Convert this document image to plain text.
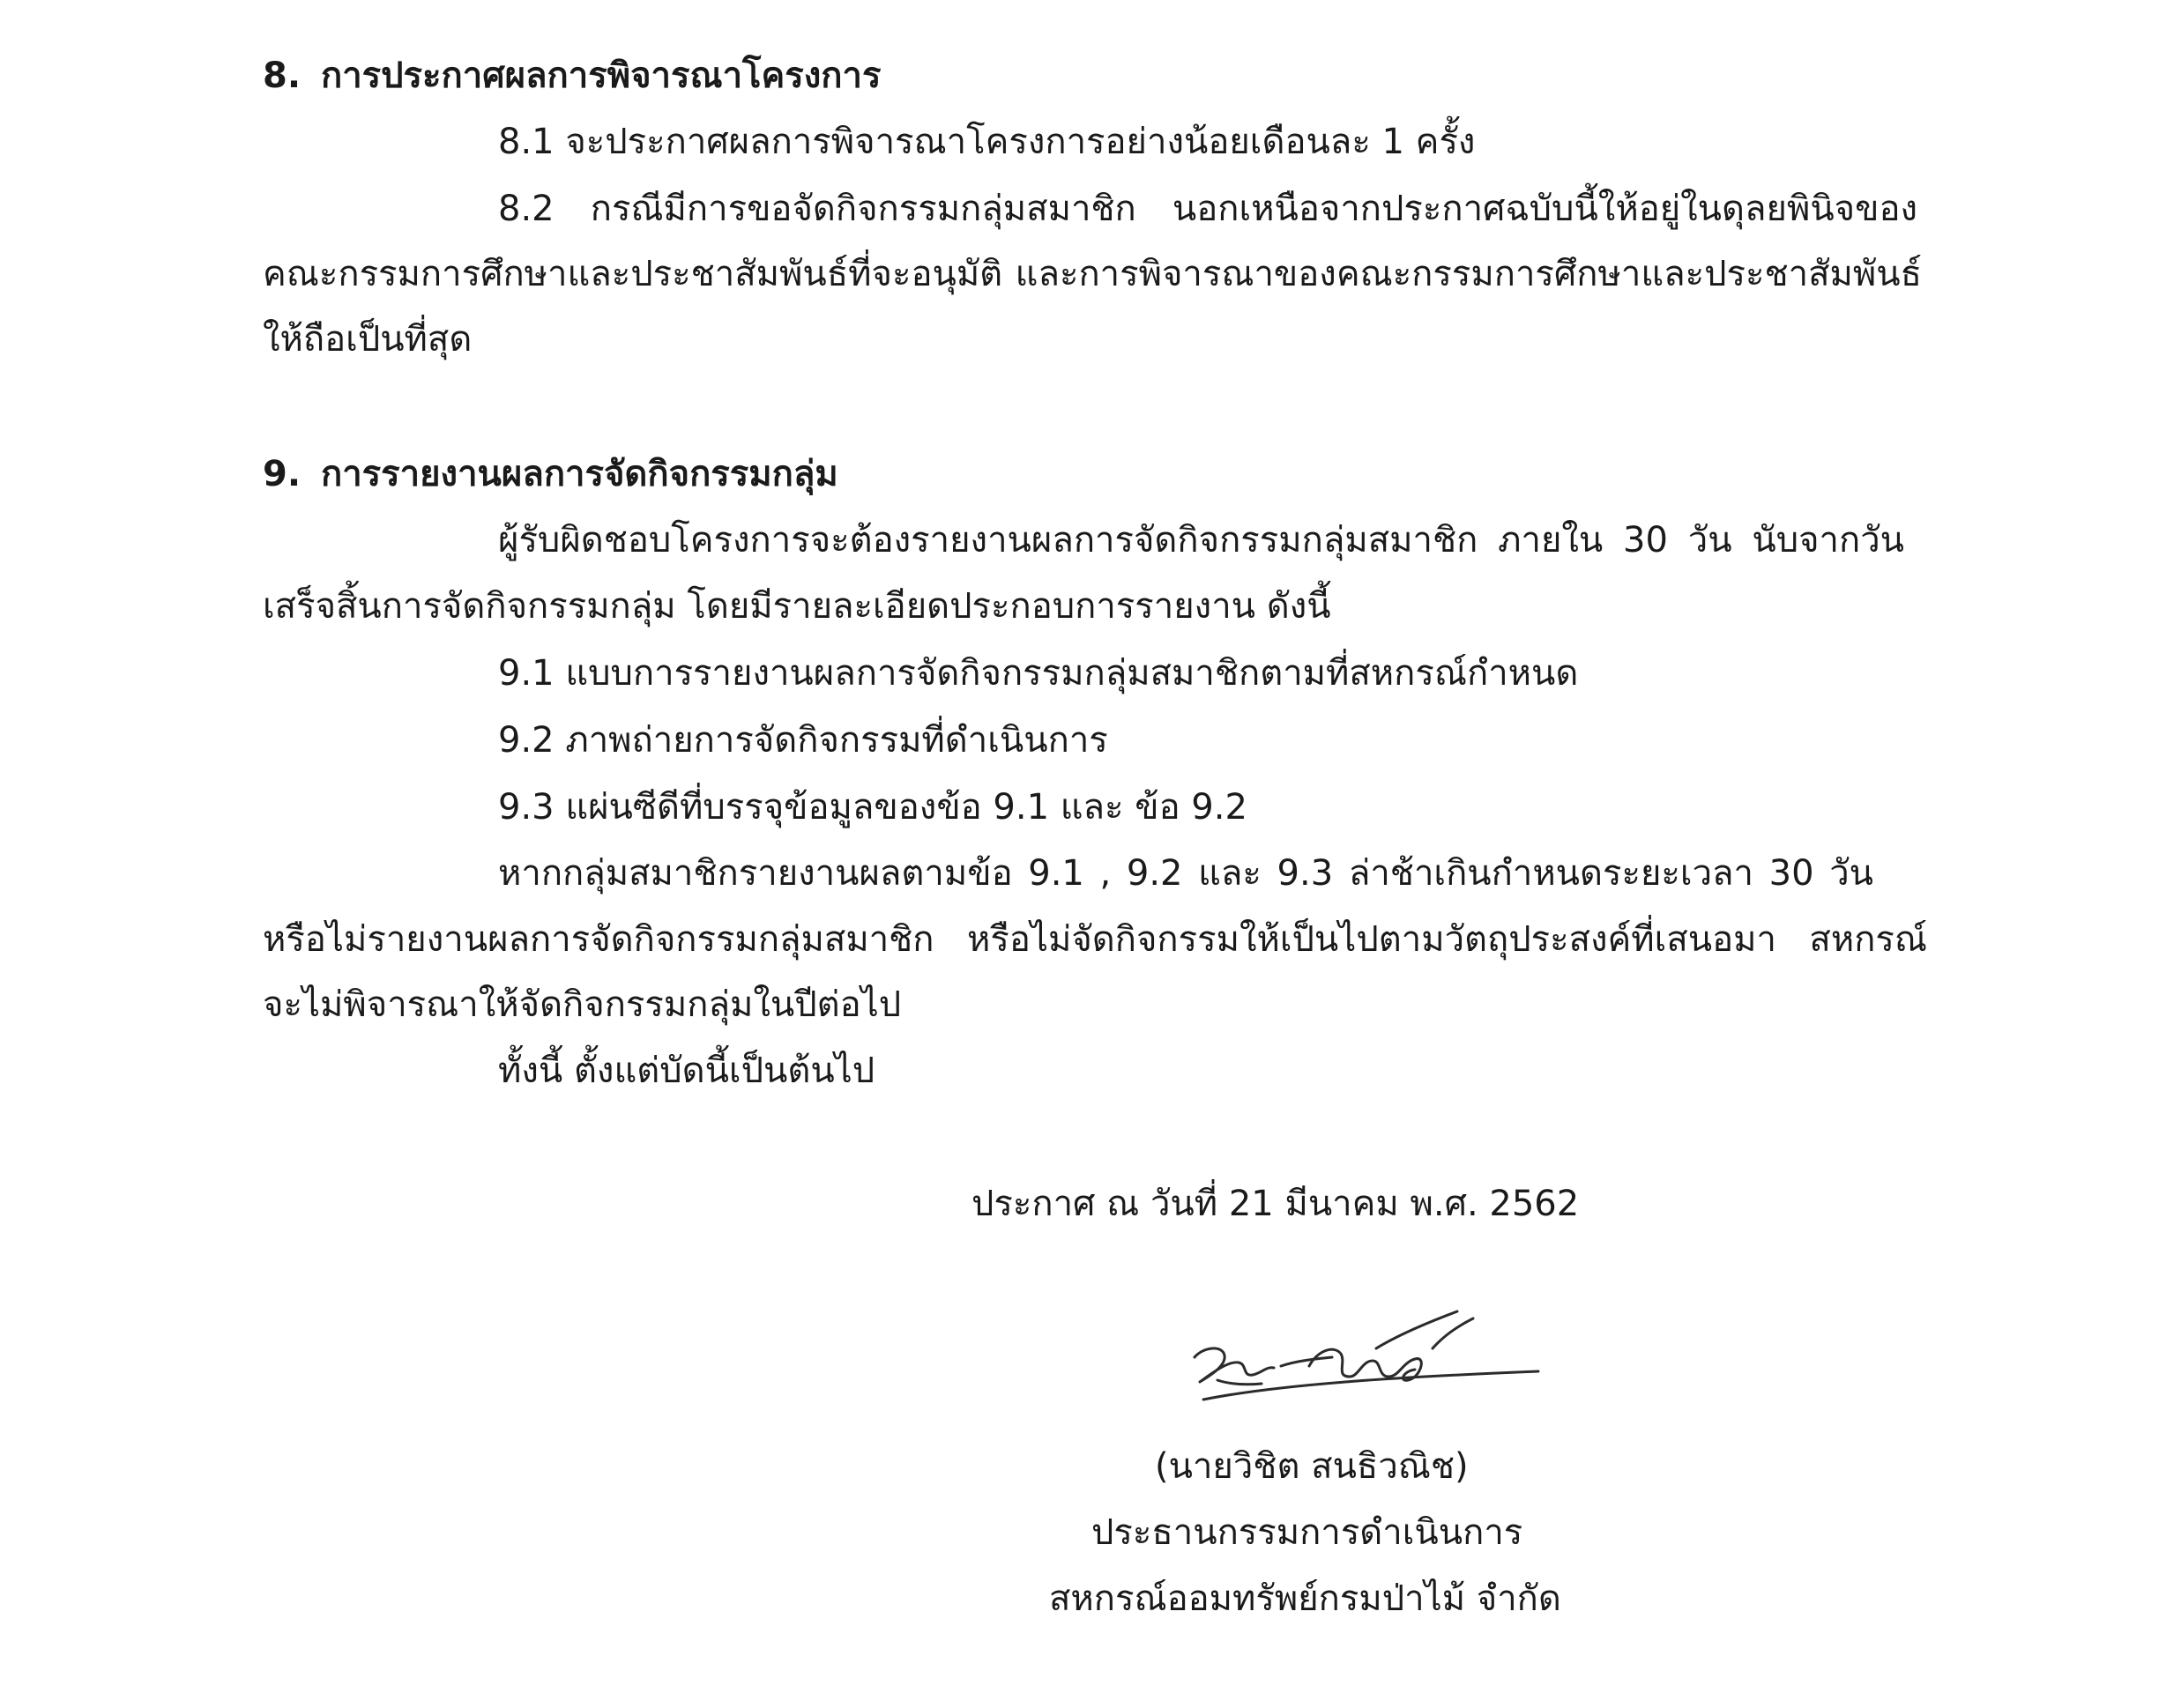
8. การประกาศผลการพิจารณาโครงการ
8.1 จะประกาศผลการพิจารณาโครงการอย่างน้อยเดือนละ 1 ครั้ง
8.2 กรณีมีการขอจัดกิจกรรมกลุ่มสมาชิก นอกเหนือจากประกาศฉบับนี้ให้อยู่ในดุลยพินิจของ
คณะกรรมการศึกษาและประชาสัมพันธ์ที่จะอนุมัติ และการพิจารณาของคณะกรรมการศึกษาและประชาสัมพันธ์
ให้ถือเป็นที่สุด
9. การรายงานผลการจัดกิจกรรมกลุ่ม
ผู้รับผิดชอบโครงการจะต้องรายงานผลการจัดกิจกรรมกลุ่มสมาชิก ภายใน 30 วัน นับจากวัน
เสร็จสิ้นการจัดกิจกรรมกลุ่ม โดยมีรายละเอียดประกอบการรายงาน ดังนี้
9.1 แบบการรายงานผลการจัดกิจกรรมกลุ่มสมาชิกตามที่สหกรณ์กำหนด
9.2 ภาพถ่ายการจัดกิจกรรมที่ดำเนินการ
9.3 แผ่นซีดีที่บรรจุข้อมูลของข้อ 9.1 และ ข้อ 9.2
หากกลุ่มสมาชิกรายงานผลตามข้อ 9.1 , 9.2 และ 9.3 ล่าช้าเกินกำหนดระยะเวลา 30 วัน
หรือไม่รายงานผลการจัดกิจกรรมกลุ่มสมาชิก หรือไม่จัดกิจกรรมให้เป็นไปตามวัตถุประสงค์ที่เสนอมา สหกรณ์
จะไม่พิจารณาให้จัดกิจกรรมกลุ่มในปีต่อไป
ทั้งนี้ ตั้งแต่บัดนี้เป็นต้นไป
ประกาศ ณ วันที่ 21 มีนาคม พ.ศ. 2562
(นายวิชิต สนธิวณิช)
ประธานกรรมการดำเนินการ
สหกรณ์ออมทรัพย์กรมป่าไม้ จำกัด
